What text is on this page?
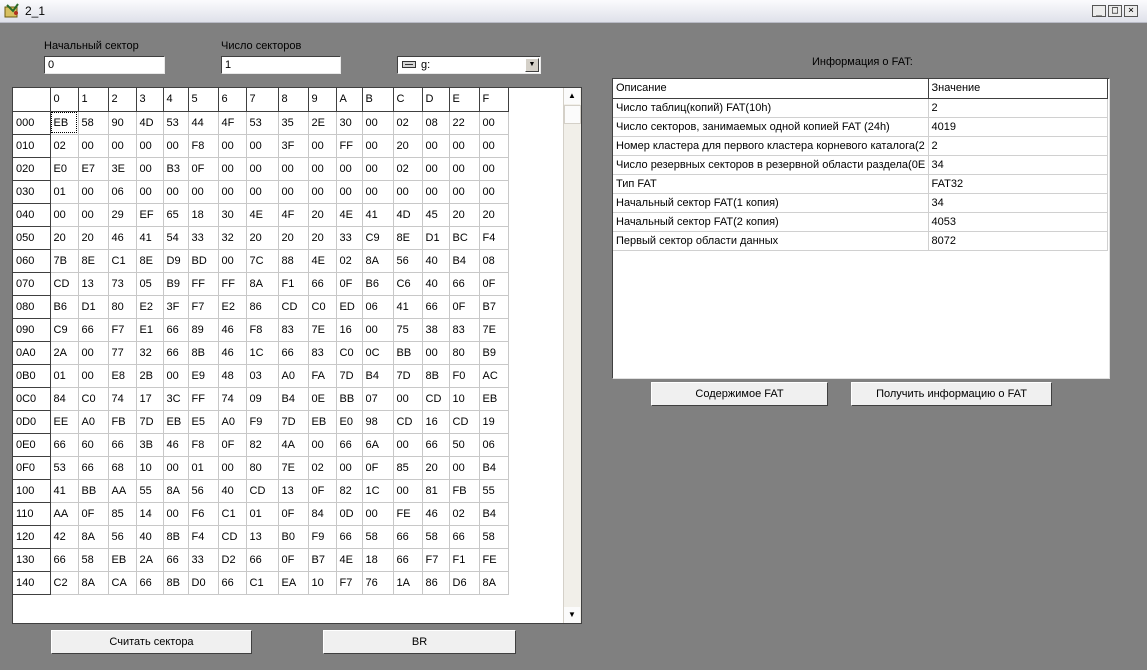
2_1	_ □ ×
Начальный сектор
0
Число секторов
1	g:	▼
	0	1	2	3	4	5	6	7	8	9	A	B	C	D	E	F
000	EB	58	90	4D	53	44	4F	53	35	2E	30	00	02	08	22	00
010	02	00	00	00	00	F8	00	00	3F	00	FF	00	20	00	00	00
020	E0	E7	3E	00	B3	0F	00	00	00	00	00	00	02	00	00	00
030	01	00	06	00	00	00	00	00	00	00	00	00	00	00	00	00
040	00	00	29	EF	65	18	30	4E	4F	20	4E	41	4D	45	20	20
050	20	20	46	41	54	33	32	20	20	20	33	C9	8E	D1	BC	F4
060	7B	8E	C1	8E	D9	BD	00	7C	88	4E	02	8A	56	40	B4	08
070	CD	13	73	05	B9	FF	FF	8A	F1	66	0F	B6	C6	40	66	0F
080	B6	D1	80	E2	3F	F7	E2	86	CD	C0	ED	06	41	66	0F	B7
090	C9	66	F7	E1	66	89	46	F8	83	7E	16	00	75	38	83	7E
0A0	2A	00	77	32	66	8B	46	1C	66	83	C0	0C	BB	00	80	B9
0B0	01	00	E8	2B	00	E9	48	03	A0	FA	7D	B4	7D	8B	F0	AC
0C0	84	C0	74	17	3C	FF	74	09	B4	0E	BB	07	00	CD	10	EB
0D0	EE	A0	FB	7D	EB	E5	A0	F9	7D	EB	E0	98	CD	16	CD	19
0E0	66	60	66	3B	46	F8	0F	82	4A	00	66	6A	00	66	50	06
0F0	53	66	68	10	00	01	00	80	7E	02	00	0F	85	20	00	B4
100	41	BB	AA	55	8A	56	40	CD	13	0F	82	1C	00	81	FB	55
110	AA	0F	85	14	00	F6	C1	01	0F	84	0D	00	FE	46	02	B4
120	42	8A	56	40	8B	F4	CD	13	B0	F9	66	58	66	58	66	58
130	66	58	EB	2A	66	33	D2	66	0F	B7	4E	18	66	F7	F1	FE
140	C2	8A	CA	66	8B	D0	66	C1	EA	10	F7	76	1A	86	D6	8A
▲
▼
Считать сектора	BR
Информация о FAT:
Описание	Значение
Число таблиц(копий) FAT(10h)	2
Число секторов, занимаемых одной копией FAT (24h)	4019
Номер кластера для первого кластера корневого каталога(2	2
Число резервных секторов в резервной области раздела(0E	34
Тип FAT	FAT32
Начальный сектор FAT(1 копия)	34
Начальный сектор FAT(2 копия)	4053
Первый сектор области данных	8072
Содержимое FAT	Получить информацию о FAT
